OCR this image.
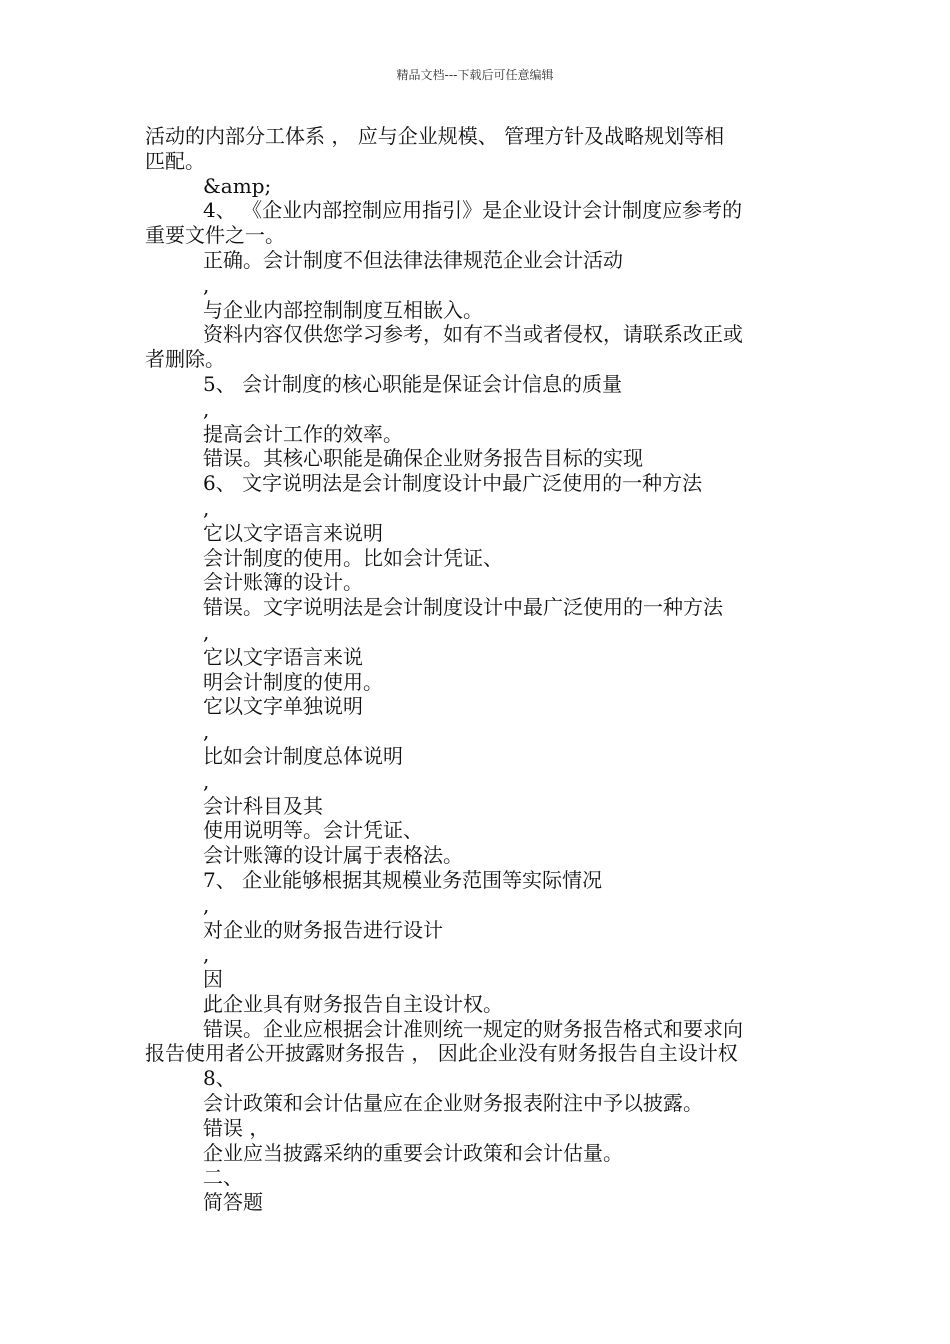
精品文档---下载后可任意编辑
活动的内部分工体系 ， 应与企业规模、 管理方针及战略规划等相
匹配。
&amp;
4、 《企业内部控制应用指引》是企业设计会计制度应参考的
重要文件之一。
正确。会计制度不但法律法律规范企业会计活动
,
与企业内部控制制度互相嵌入。
资料内容仅供您学习参考，如有不当或者侵权，请联系改正或
者删除。
5、 会计制度的核心职能是保证会计信息的质量
,
提高会计工作的效率。
错误。其核心职能是确保企业财务报告目标的实现
6、 文字说明法是会计制度设计中最广泛使用的一种方法
,
它以文字语言来说明
会计制度的使用。比如会计凭证、
会计账簿的设计。
错误。文字说明法是会计制度设计中最广泛使用的一种方法
,
它以文字语言来说
明会计制度的使用。
它以文字单独说明
,
比如会计制度总体说明
,
会计科目及其
使用说明等。会计凭证、
会计账簿的设计属于表格法。
7、 企业能够根据其规模业务范围等实际情况
,
对企业的财务报告进行设计
,
因
此企业具有财务报告自主设计权。
错误。企业应根据会计准则统一规定的财务报告格式和要求向
报告使用者公开披露财务报告 ， 因此企业没有财务报告自主设计权
8、
会计政策和会计估量应在企业财务报表附注中予以披露。
错误 ，
企业应当披露采纳的重要会计政策和会计估量。
二、
简答题
